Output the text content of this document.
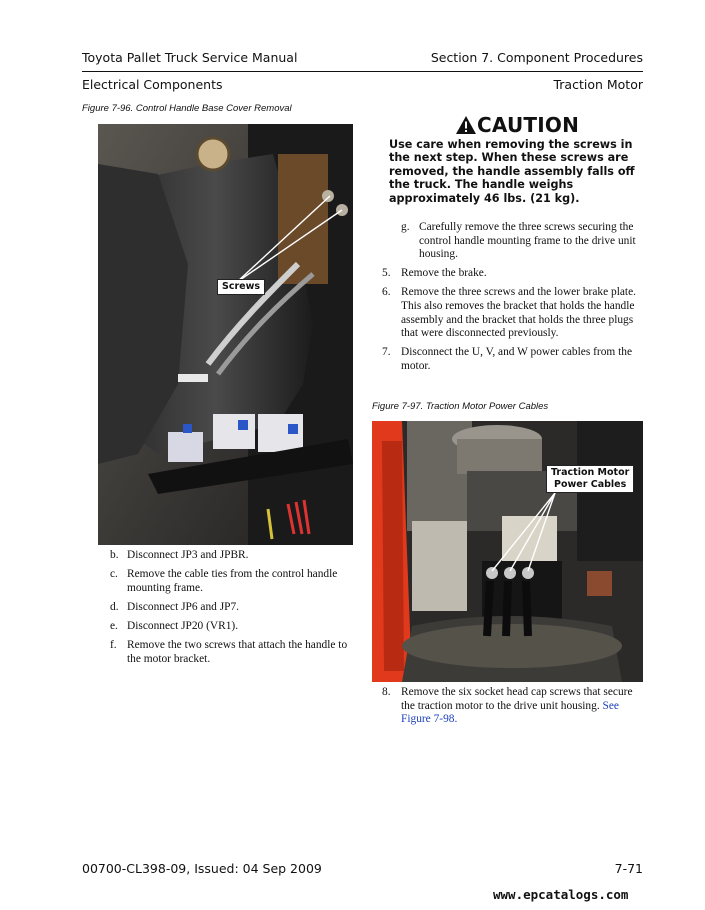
Toyota Pallet Truck Service Manual	Section 7. Component Procedures
Electrical Components	Traction Motor
Figure 7-96. Control Handle Base Cover Removal
Screws
CAUTION
Use care when removing the screws in the next step. When these screws are removed, the handle assembly falls off the truck. The handle weighs approximately 46 lbs. (21 kg).
g. Carefully remove the three screws securing the control handle mounting frame to the drive unit housing.
5. Remove the brake.
6. Remove the three screws and the lower brake plate. This also removes the bracket that holds the handle assembly and the bracket that holds the three plugs that were disconnected previously.
7. Disconnect the U, V, and W power cables from the motor.
Figure 7-97. Traction Motor Power Cables
Traction Motor
Power Cables
b. Disconnect JP3 and JPBR.
c. Remove the cable ties from the control handle mounting frame.
d. Disconnect JP6 and JP7.
e. Disconnect JP20 (VR1).
f. Remove the two screws that attach the handle to the motor bracket.
8. Remove the six socket head cap screws that secure the traction motor to the drive unit housing. See Figure 7-98.
00700-CL398-09, Issued: 04 Sep 2009	7-71
www.epcatalogs.com
